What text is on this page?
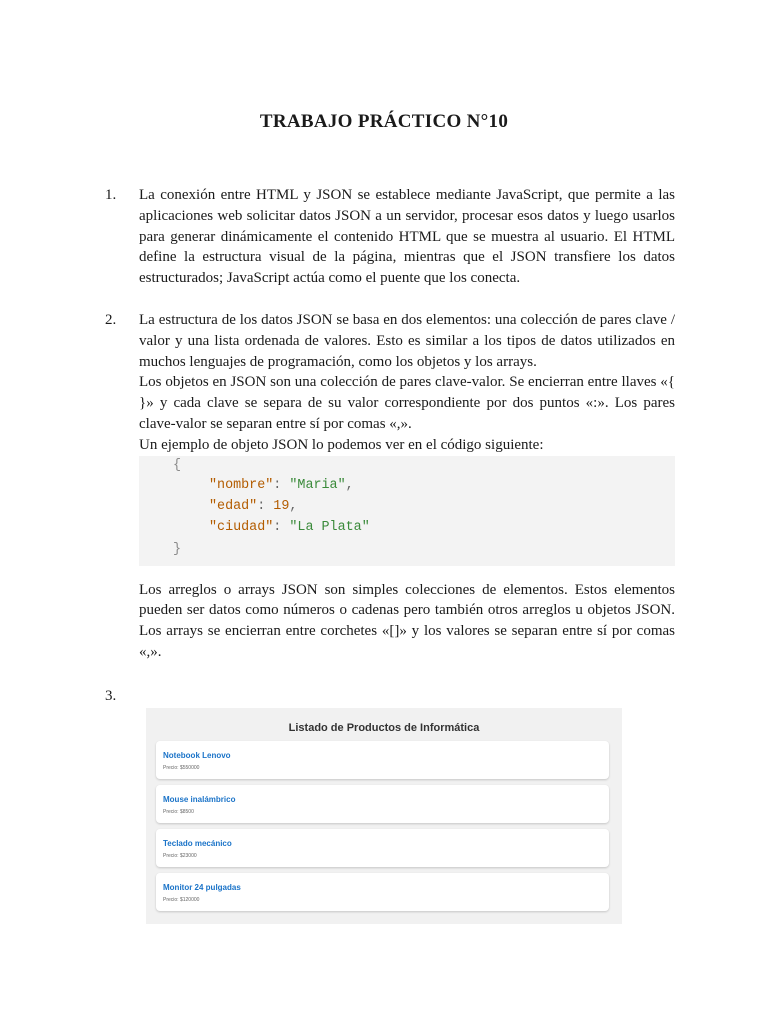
TRABAJO PRÁCTICO N°10
1. La conexión entre HTML y JSON se establece mediante JavaScript, que permite a las aplicaciones web solicitar datos JSON a un servidor, procesar esos datos y luego usarlos para generar dinámicamente el contenido HTML que se muestra al usuario. El HTML define la estructura visual de la página, mientras que el JSON transfiere los datos estructurados; JavaScript actúa como el puente que los conecta.

2. La estructura de los datos JSON se basa en dos elementos: una colección de pares clave / valor y una lista ordenada de valores. Esto es similar a los tipos de datos utilizados en muchos lenguajes de programación, como los objetos y los arrays.

Los objetos en JSON son una colección de pares clave-valor. Se encierran entre llaves «{ }» y cada clave se separa de su valor correspondiente por dos puntos «:». Los pares clave-valor se separan entre sí por comas «,».

Un ejemplo de objeto JSON lo podemos ver en el código siguiente:

{
"nombre": "Maria",
"edad": 19,
"ciudad": "La Plata"
}

Los arreglos o arrays JSON son simples colecciones de elementos. Estos elementos pueden ser datos como números o cadenas pero también otros arreglos u objetos JSON. Los arrays se encierran entre corchetes «[]» y los valores se separan entre sí por comas «,».

3.
Listado de Productos de Informática
Notebook Lenovo
Precio: $550000
Mouse inalámbrico
Precio: $8500
Teclado mecánico
Precio: $23000
Monitor 24 pulgadas
Precio: $120000
